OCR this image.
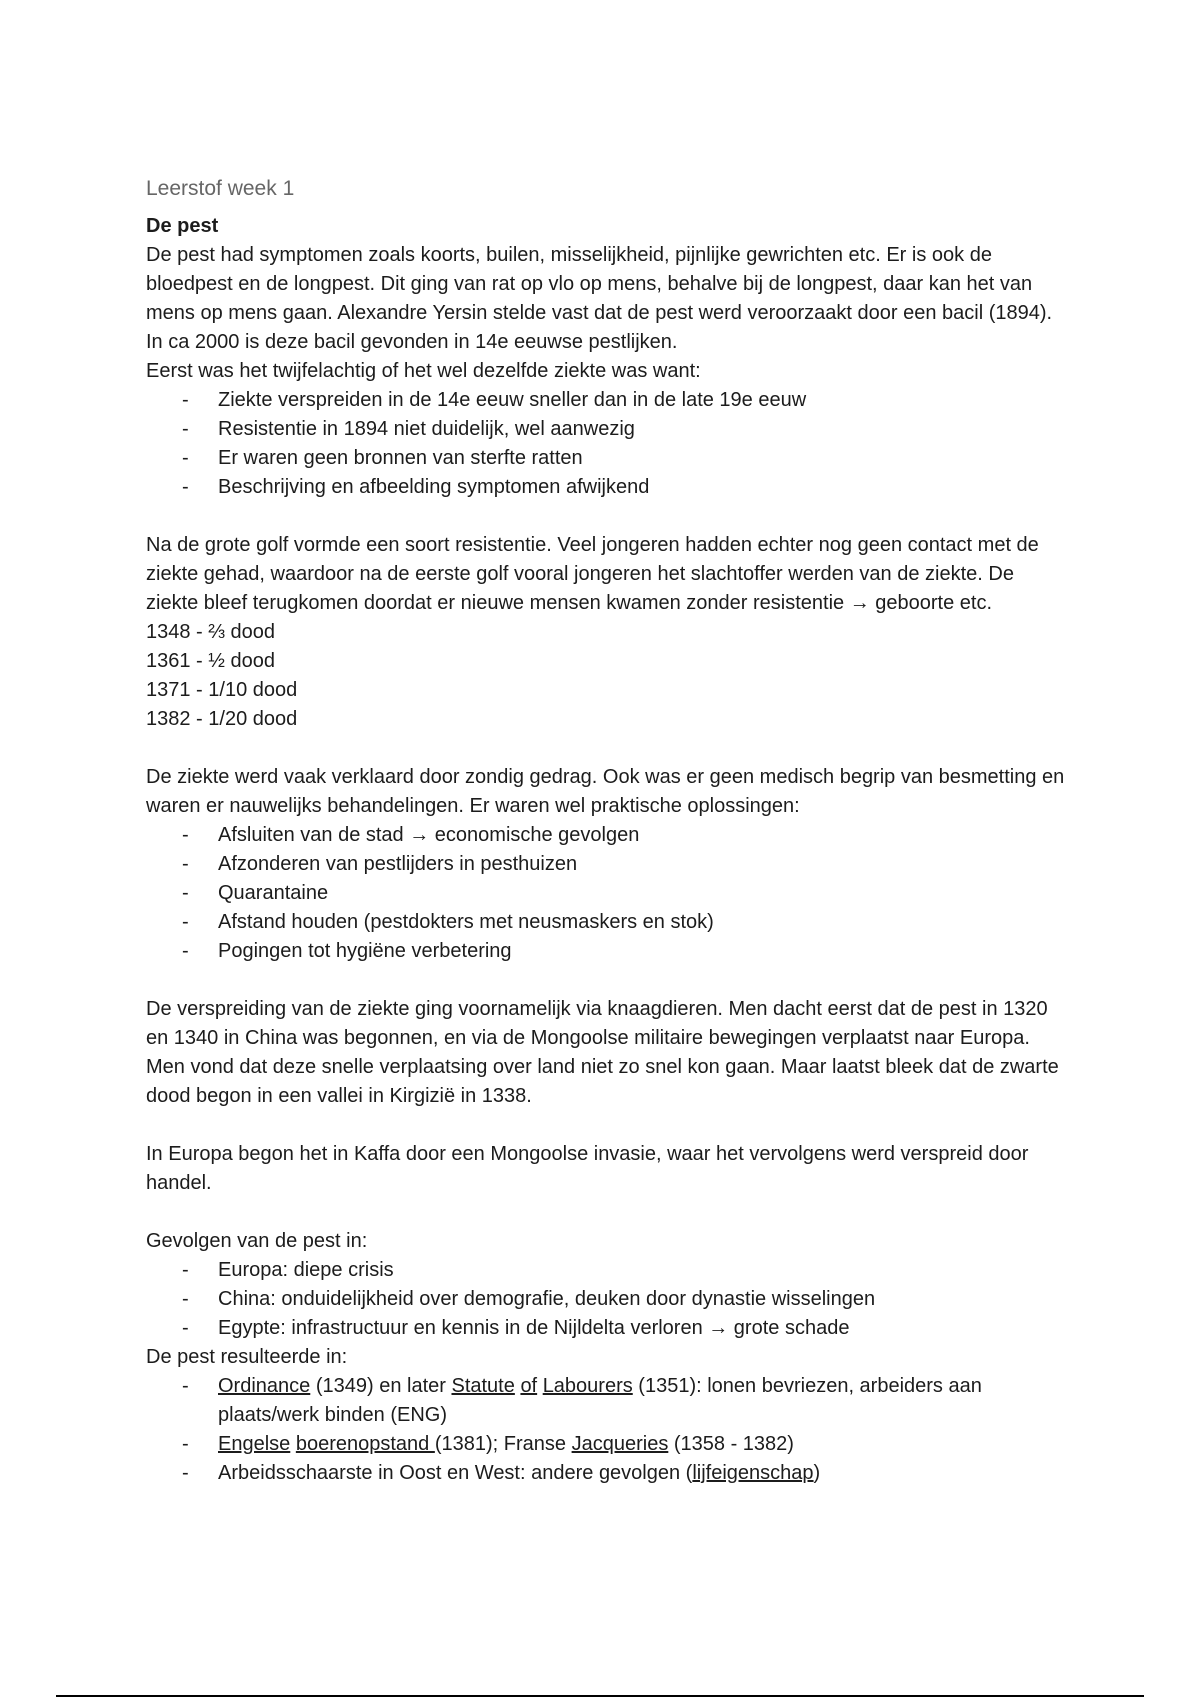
Leerstof week 1
De pest

De pest had symptomen zoals koorts, builen, misselijkheid, pijnlijke gewrichten etc. Er is ook de bloedpest en de longpest. Dit ging van rat op vlo op mens, behalve bij de longpest, daar kan het van mens op mens gaan. Alexandre Yersin stelde vast dat de pest werd veroorzaakt door een bacil (1894). In ca 2000 is deze bacil gevonden in 14e eeuwse pestlijken.

Eerst was het twijfelachtig of het wel dezelfde ziekte was want:

- Ziekte verspreiden in de 14e eeuw sneller dan in de late 19e eeuw
- Resistentie in 1894 niet duidelijk, wel aanwezig
- Er waren geen bronnen van sterfte ratten
- Beschrijving en afbeelding symptomen afwijkend

Na de grote golf vormde een soort resistentie. Veel jongeren hadden echter nog geen contact met de ziekte gehad, waardoor na de eerste golf vooral jongeren het slachtoffer werden van de ziekte. De ziekte bleef terugkomen doordat er nieuwe mensen kwamen zonder resistentie → geboorte etc.

1348 - ⅔ dood

1361 - ½ dood

1371 - 1/10 dood

1382 - 1/20 dood

De ziekte werd vaak verklaard door zondig gedrag. Ook was er geen medisch begrip van besmetting en waren er nauwelijks behandelingen. Er waren wel praktische oplossingen:

- Afsluiten van de stad → economische gevolgen
- Afzonderen van pestlijders in pesthuizen
- Quarantaine
- Afstand houden (pestdokters met neusmaskers en stok)
- Pogingen tot hygiëne verbetering

De verspreiding van de ziekte ging voornamelijk via knaagdieren. Men dacht eerst dat de pest in 1320 en 1340 in China was begonnen, en via de Mongoolse militaire bewegingen verplaatst naar Europa. Men vond dat deze snelle verplaatsing over land niet zo snel kon gaan. Maar laatst bleek dat de zwarte dood begon in een vallei in Kirgizië in 1338.

In Europa begon het in Kaffa door een Mongoolse invasie, waar het vervolgens werd verspreid door handel.

Gevolgen van de pest in:

- Europa: diepe crisis
- China: onduidelijkheid over demografie, deuken door dynastie wisselingen
- Egypte: infrastructuur en kennis in de Nijldelta verloren → grote schade

De pest resulteerde in:

- Ordinance (1349) en later Statute of Labourers (1351): lonen bevriezen, arbeiders aan plaats/werk binden (ENG)
- Engelse boerenopstand (1381); Franse Jacqueries (1358 - 1382)
- Arbeidsschaarste in Oost en West: andere gevolgen (lijfeigenschap)
